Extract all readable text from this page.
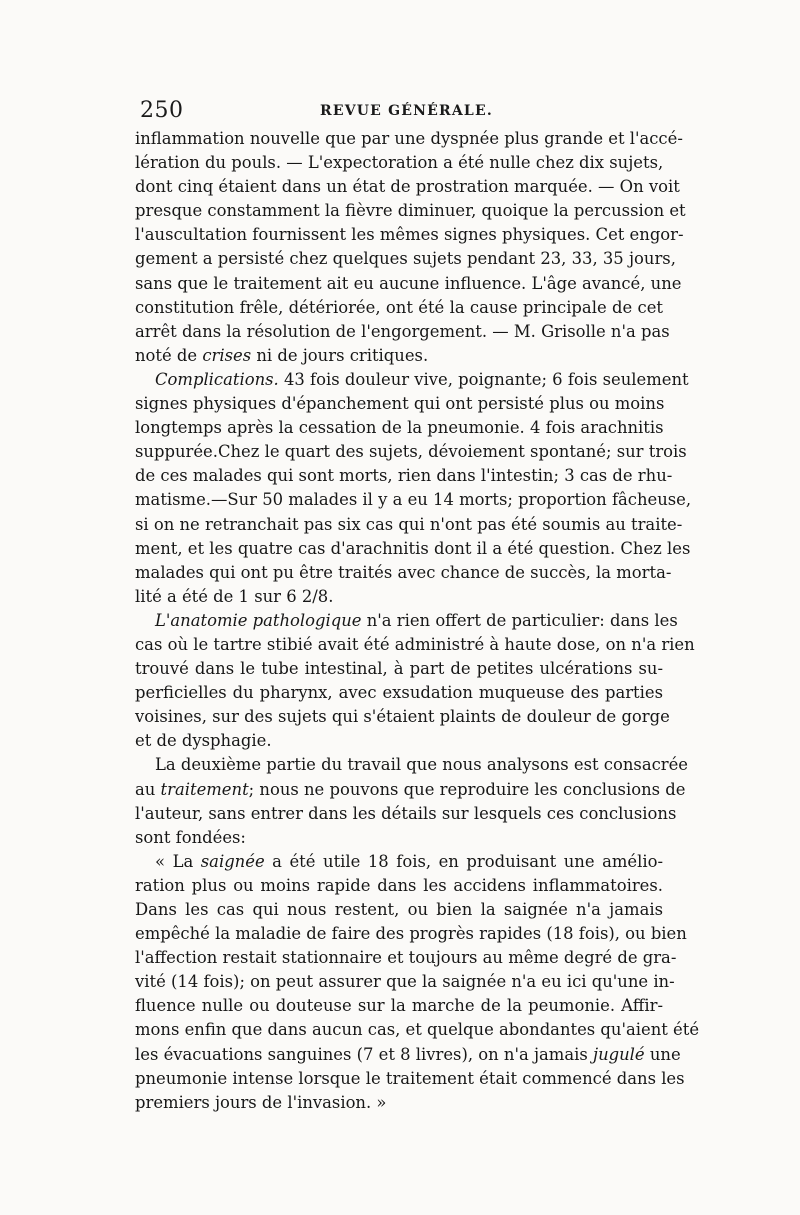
250	REVUE GÉNÉRALE.
inflammation nouvelle que par une dyspnée plus grande et l'accé-
lération du pouls. — L'expectoration a été nulle chez dix sujets,
dont cinq étaient dans un état de prostration marquée. — On voit
presque constamment la fièvre diminuer, quoique la percussion et
l'auscultation fournissent les mêmes signes physiques. Cet engor-
gement a persisté chez quelques sujets pendant 23, 33, 35 jours,
sans que le traitement ait eu aucune influence. L'âge avancé, une
constitution frêle, détériorée, ont été la cause principale de cet
arrêt dans la résolution de l'engorgement. — M. Grisolle n'a pas
noté de crises ni de jours critiques.
Complications. 43 fois douleur vive, poignante; 6 fois seulement
signes physiques d'épanchement qui ont persisté plus ou moins
longtemps après la cessation de la pneumonie. 4 fois arachnitis
suppurée.Chez le quart des sujets, dévoiement spontané; sur trois
de ces malades qui sont morts, rien dans l'intestin; 3 cas de rhu-
matisme.—Sur 50 malades il y a eu 14 morts; proportion fâcheuse,
si on ne retranchait pas six cas qui n'ont pas été soumis au traite-
ment, et les quatre cas d'arachnitis dont il a été question. Chez les
malades qui ont pu être traités avec chance de succès, la morta-
lité a été de 1 sur 6 2/8.
L'anatomie pathologique n'a rien offert de particulier: dans les
cas où le tartre stibié avait été administré à haute dose, on n'a rien
trouvé dans le tube intestinal, à part de petites ulcérations su-
perficielles du pharynx, avec exsudation muqueuse des parties
voisines, sur des sujets qui s'étaient plaints de douleur de gorge
et de dysphagie.
La deuxième partie du travail que nous analysons est consacrée
au traitement; nous ne pouvons que reproduire les conclusions de
l'auteur, sans entrer dans les détails sur lesquels ces conclusions
sont fondées:
« La saignée a été utile 18 fois, en produisant une amélio-
ration plus ou moins rapide dans les accidens inflammatoires.
Dans les cas qui nous restent, ou bien la saignée n'a jamais
empêché la maladie de faire des progrès rapides (18 fois), ou bien
l'affection restait stationnaire et toujours au même degré de gra-
vité (14 fois); on peut assurer que la saignée n'a eu ici qu'une in-
fluence nulle ou douteuse sur la marche de la peumonie. Affir-
mons enfin que dans aucun cas, et quelque abondantes qu'aient été
les évacuations sanguines (7 et 8 livres), on n'a jamais jugulé une
pneumonie intense lorsque le traitement était commencé dans les
premiers jours de l'invasion. »
